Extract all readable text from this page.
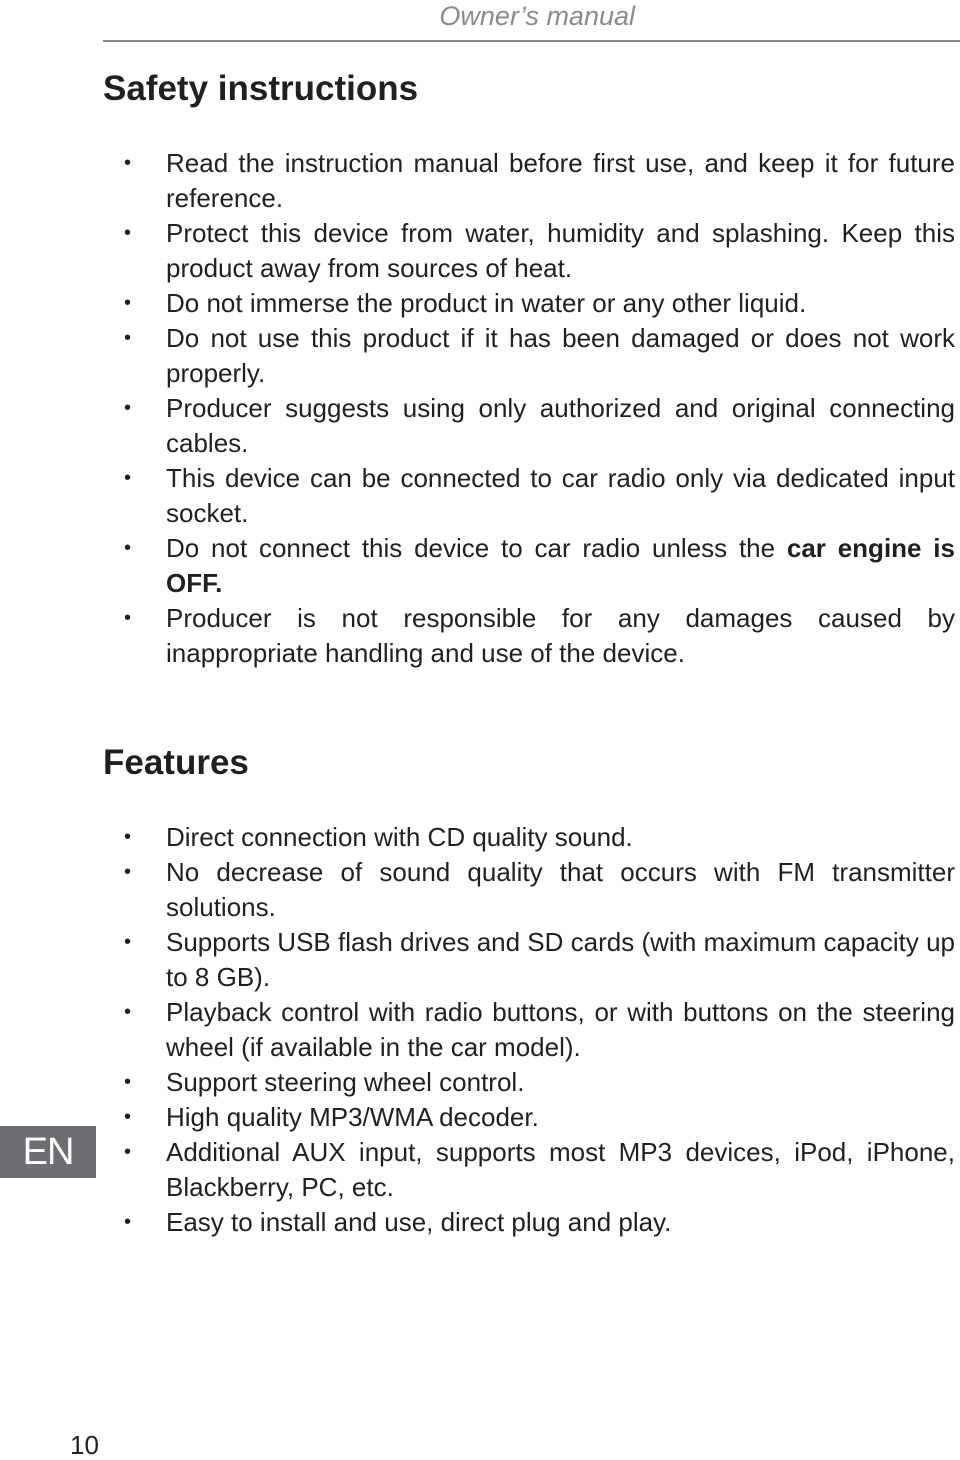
Owner’s manual
Safety instructions
• Read the instruction manual before first use, and keep it for future reference.
• Protect this device from water, humidity and splashing. Keep this product away from sources of heat.
• Do not immerse the product in water or any other liquid.
• Do not use this product if it has been damaged or does not work properly.
• Producer suggests using only authorized and original connecting cables.
• This device can be connected to car radio only via dedicated input socket.
• Do not connect this device to car radio unless the car engine is OFF.
• Producer is not responsible for any damages caused by inappropriate handling and use of the device.
Features
• Direct connection with CD quality sound.
• No decrease of sound quality that occurs with FM transmitter solutions.
• Supports USB flash drives and SD cards (with maximum capacity up to 8 GB).
• Playback control with radio buttons, or with buttons on the steering wheel (if available in the car model).
• Support steering wheel control.
• High quality MP3/WMA decoder.
• Additional AUX input, supports most MP3 devices, iPod, iPhone, Blackberry, PC, etc.
• Easy to install and use, direct plug and play.
EN
10
